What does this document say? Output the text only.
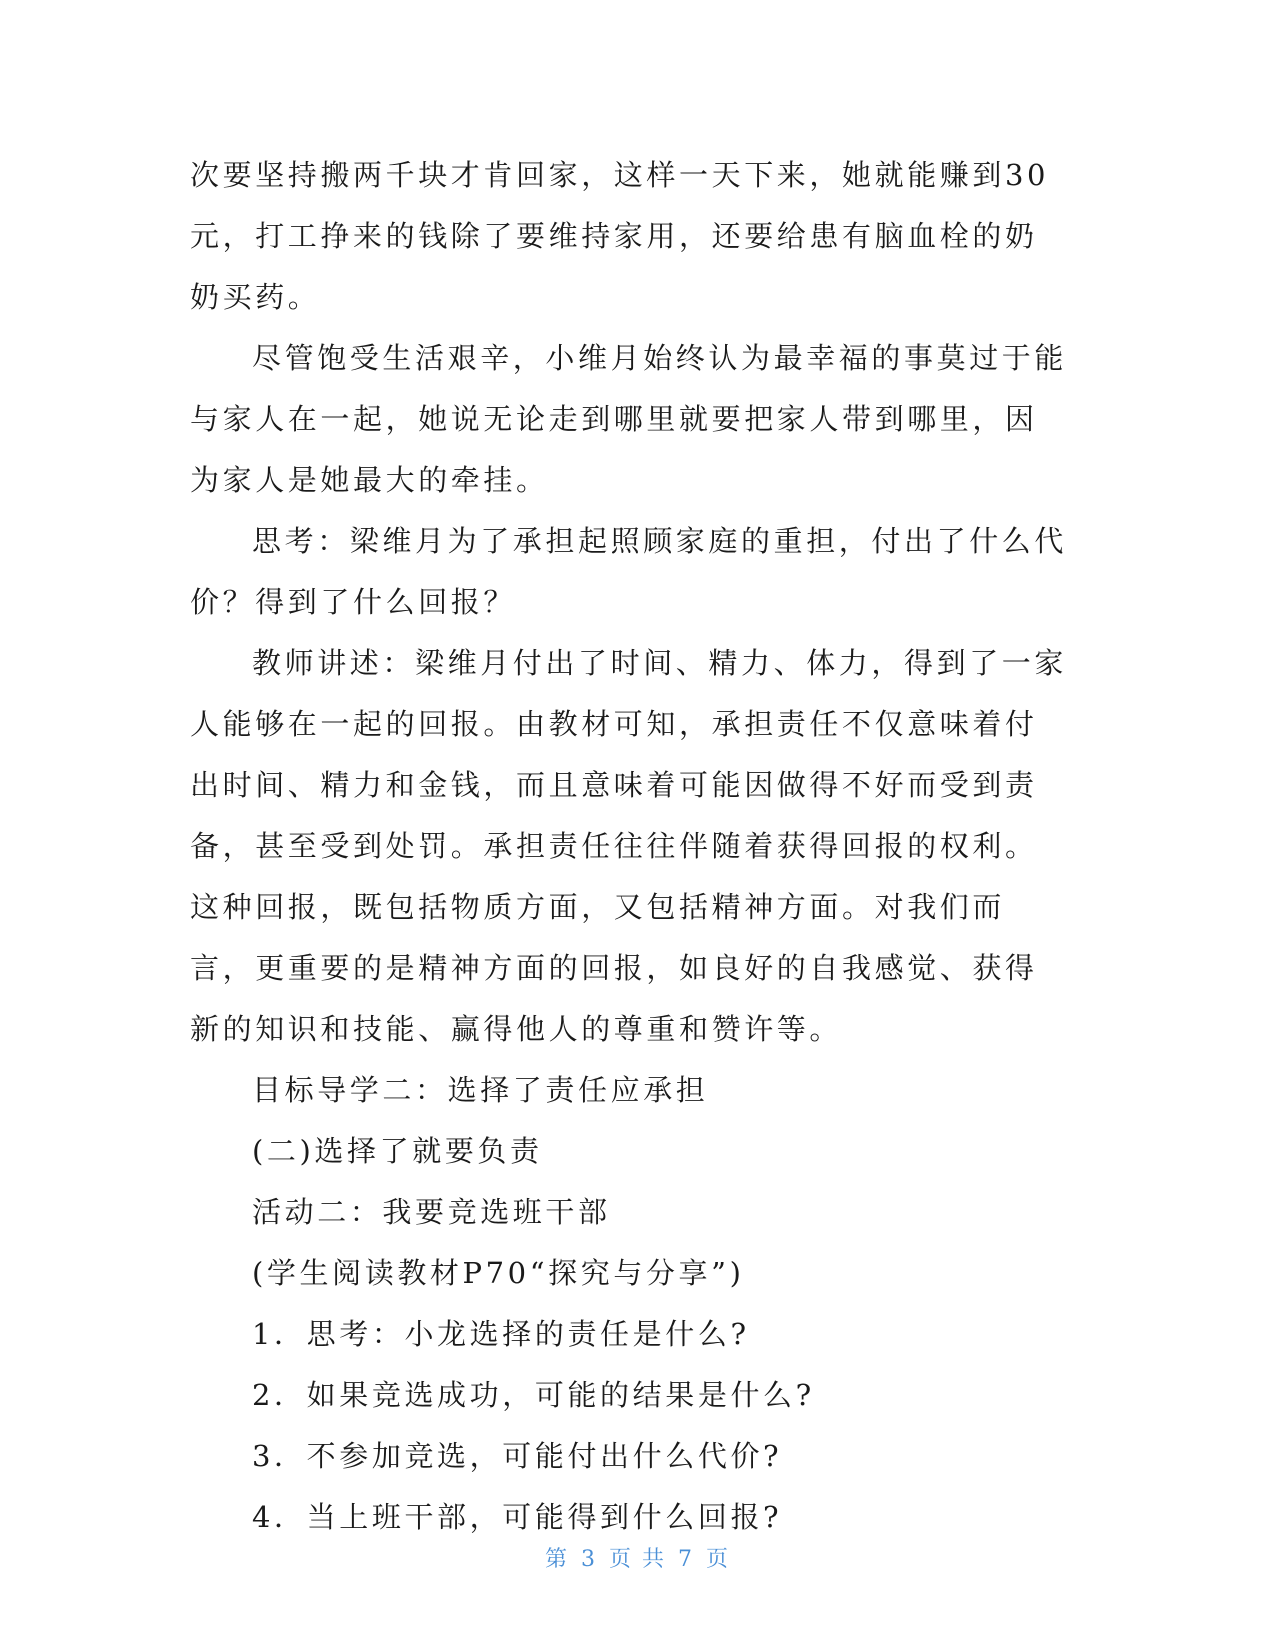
次要坚持搬两千块才肯回家，这样一天下来，她就能赚到30元，打工挣来的钱除了要维持家用，还要给患有脑血栓的奶奶买药。

尽管饱受生活艰辛，小维月始终认为最幸福的事莫过于能与家人在一起，她说无论走到哪里就要把家人带到哪里，因为家人是她最大的牵挂。

思考：梁维月为了承担起照顾家庭的重担，付出了什么代价？得到了什么回报？

教师讲述：梁维月付出了时间、精力、体力，得到了一家人能够在一起的回报。由教材可知，承担责任不仅意味着付出时间、精力和金钱，而且意味着可能因做得不好而受到责备，甚至受到处罚。承担责任往往伴随着获得回报的权利。这种回报，既包括物质方面，又包括精神方面。对我们而言，更重要的是精神方面的回报，如良好的自我感觉、获得新的知识和技能、赢得他人的尊重和赞许等。

目标导学二：选择了责任应承担

(二)选择了就要负责

活动二：我要竞选班干部

(学生阅读教材P70“探究与分享”)

1．思考：小龙选择的责任是什么?

2．如果竞选成功，可能的结果是什么?

3．不参加竞选，可能付出什么代价?

4．当上班干部，可能得到什么回报?

第 3 页 共 7 页
